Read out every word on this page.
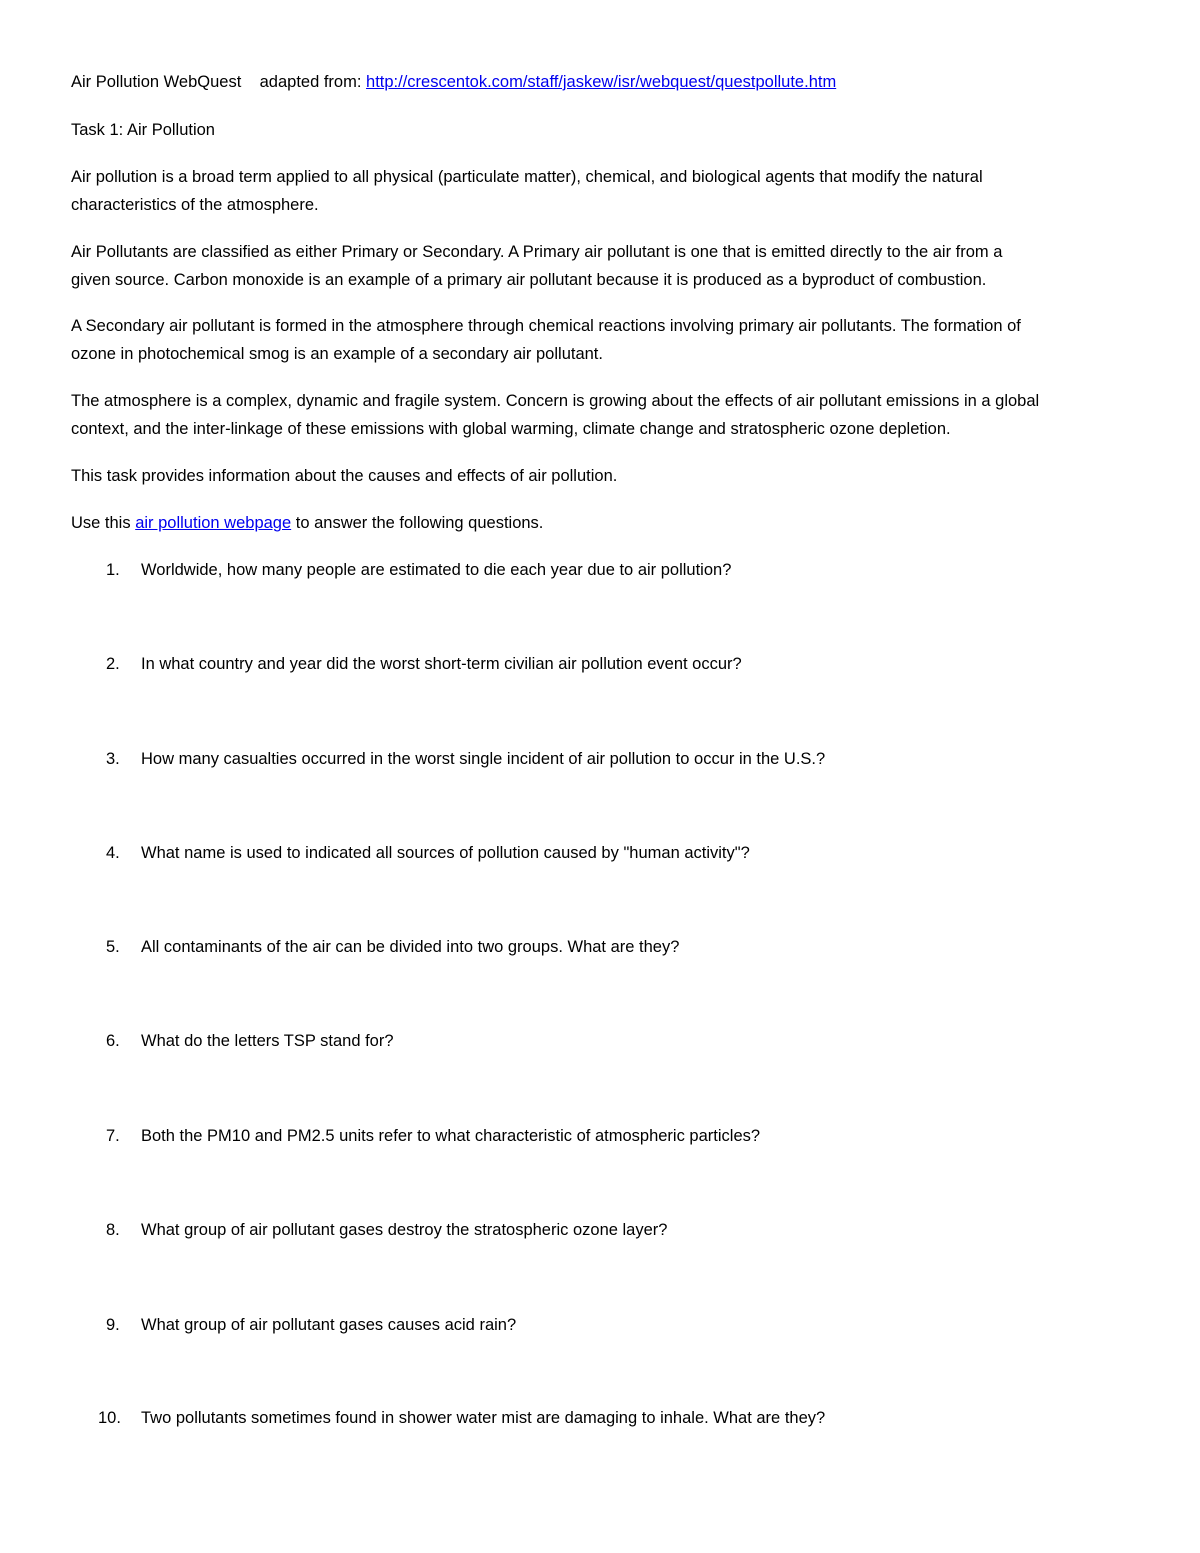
Air Pollution WebQuest adapted from: http://crescentok.com/staff/jaskew/isr/webquest/questpollute.htm
Task 1: Air Pollution
Air pollution is a broad term applied to all physical (particulate matter), chemical, and biological agents that modify the natural
characteristics of the atmosphere.
Air Pollutants are classified as either Primary or Secondary. A Primary air pollutant is one that is emitted directly to the air from a
given source. Carbon monoxide is an example of a primary air pollutant because it is produced as a byproduct of combustion.
A Secondary air pollutant is formed in the atmosphere through chemical reactions involving primary air pollutants. The formation of
ozone in photochemical smog is an example of a secondary air pollutant.
The atmosphere is a complex, dynamic and fragile system. Concern is growing about the effects of air pollutant emissions in a global
context, and the inter-linkage of these emissions with global warming, climate change and stratospheric ozone depletion.
This task provides information about the causes and effects of air pollution.
Use this air pollution webpage to answer the following questions.
1. Worldwide, how many people are estimated to die each year due to air pollution?
2. In what country and year did the worst short-term civilian air pollution event occur?
3. How many casualties occurred in the worst single incident of air pollution to occur in the U.S.?
4. What name is used to indicated all sources of pollution caused by "human activity"?
5. All contaminants of the air can be divided into two groups. What are they?
6. What do the letters TSP stand for?
7. Both the PM10 and PM2.5 units refer to what characteristic of atmospheric particles?
8. What group of air pollutant gases destroy the stratospheric ozone layer?
9. What group of air pollutant gases causes acid rain?
10. Two pollutants sometimes found in shower water mist are damaging to inhale. What are they?
